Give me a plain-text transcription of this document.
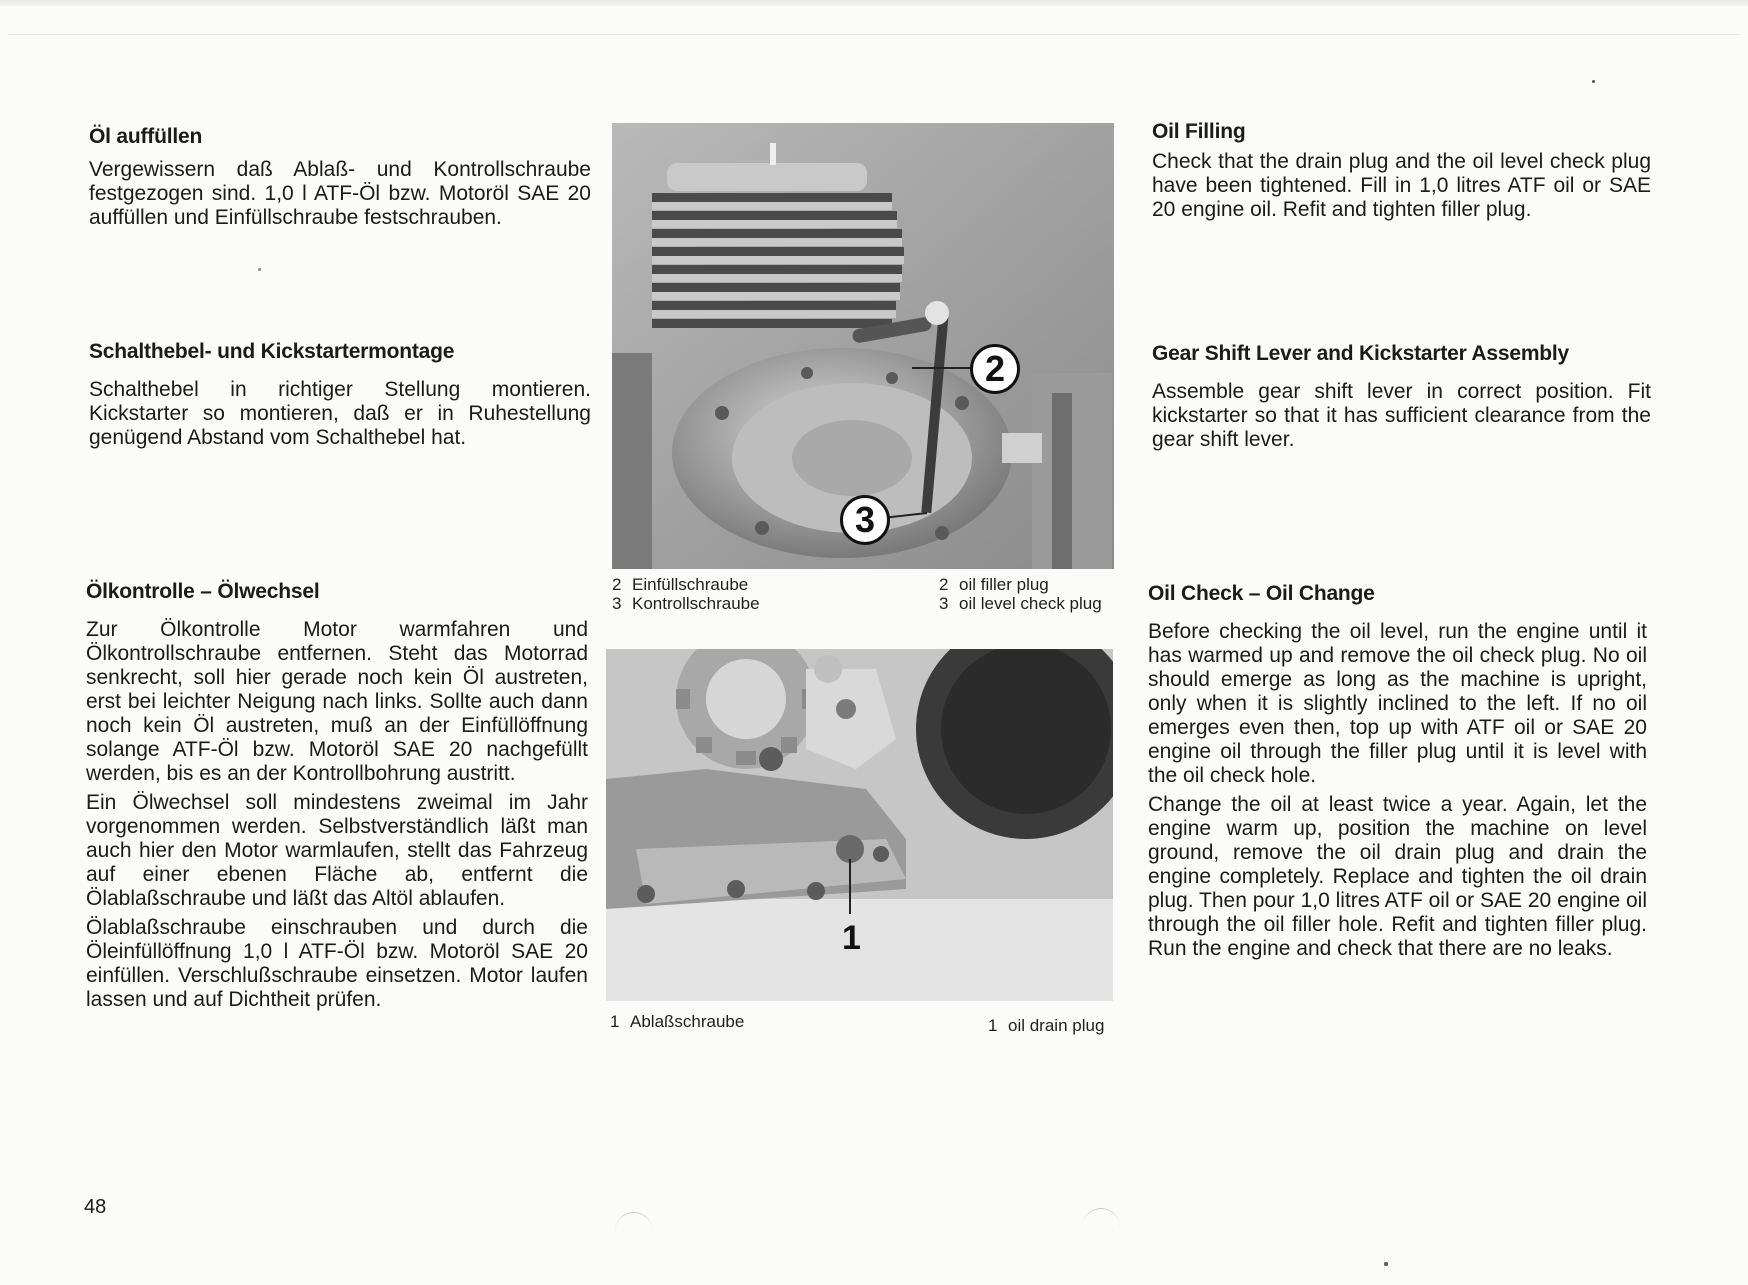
Öl auffüllen

Vergewissern daß Ablaß- und Kontrollschraube festgezogen sind. 1,0 l ATF-Öl bzw. Motoröl SAE 20 auffüllen und Einfüllschraube festschrauben.

Schalthebel- und Kickstartermontage

Schalthebel in richtiger Stellung montieren. Kickstarter so montieren, daß er in Ruhestellung genügend Abstand vom Schalthebel hat.

Ölkontrolle – Ölwechsel

Zur Ölkontrolle Motor warmfahren und Ölkontrollschraube entfernen. Steht das Motorrad senkrecht, soll hier gerade noch kein Öl austreten, erst bei leichter Neigung nach links. Sollte auch dann noch kein Öl austreten, muß an der Einfüllöffnung solange ATF-Öl bzw. Motoröl SAE 20 nachgefüllt werden, bis es an der Kontrollbohrung austritt.

Ein Ölwechsel soll mindestens zweimal im Jahr vorgenommen werden. Selbstverständlich läßt man auch hier den Motor warmlaufen, stellt das Fahrzeug auf einer ebenen Fläche ab, entfernt die Ölablaßschraube und läßt das Altöl ablaufen.

Ölablaßschraube einschrauben und durch die Öleinfüllöffnung 1,0 l ATF-Öl bzw. Motoröl SAE 20 einfüllen. Verschlußschraube einsetzen. Motor laufen lassen und auf Dichtheit prüfen.

2
3
2 Einfüllschraube
3 Kontrollschraube
2 oil filler plug
3 oil level check plug
1
1 Ablaßschraube	1 oil drain plug
Oil Filling

Check that the drain plug and the oil level check plug have been tightened. Fill in 1,0 litres ATF oil or SAE 20 engine oil. Refit and tighten filler plug.

Gear Shift Lever and Kickstarter Assembly

Assemble gear shift lever in correct position. Fit kickstarter so that it has sufficient clearance from the gear shift lever.

Oil Check – Oil Change

Before checking the oil level, run the engine until it has warmed up and remove the oil check plug. No oil should emerge as long as the machine is upright, only when it is slightly inclined to the left. If no oil emerges even then, top up with ATF oil or SAE 20 engine oil through the filler plug until it is level with the oil check hole.

Change the oil at least twice a year. Again, let the engine warm up, position the machine on level ground, remove the oil drain plug and drain the engine completely. Replace and tighten the oil drain plug. Then pour 1,0 litres ATF oil or SAE 20 engine oil through the oil filler hole. Refit and tighten filler plug. Run the engine and check that there are no leaks.

48
